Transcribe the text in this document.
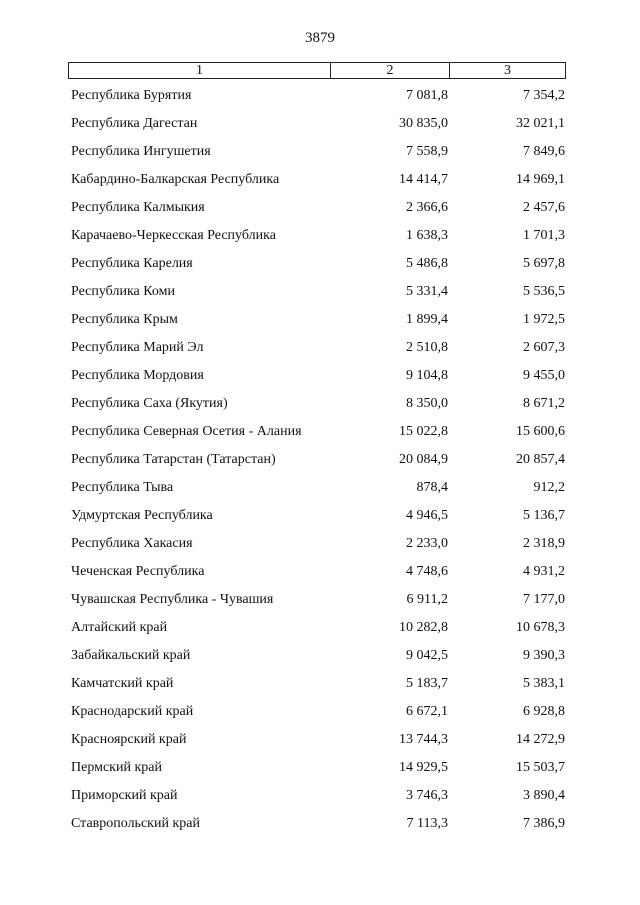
3879
1	2	3
Республика Бурятия	7 081,8	7 354,2
Республика Дагестан	30 835,0	32 021,1
Республика Ингушетия	7 558,9	7 849,6
Кабардино-Балкарская Республика	14 414,7	14 969,1
Республика Калмыкия	2 366,6	2 457,6
Карачаево-Черкесская Республика	1 638,3	1 701,3
Республика Карелия	5 486,8	5 697,8
Республика Коми	5 331,4	5 536,5
Республика Крым	1 899,4	1 972,5
Республика Марий Эл	2 510,8	2 607,3
Республика Мордовия	9 104,8	9 455,0
Республика Саха (Якутия)	8 350,0	8 671,2
Республика Северная Осетия - Алания	15 022,8	15 600,6
Республика Татарстан (Татарстан)	20 084,9	20 857,4
Республика Тыва	878,4	912,2
Удмуртская Республика	4 946,5	5 136,7
Республика Хакасия	2 233,0	2 318,9
Чеченская Республика	4 748,6	4 931,2
Чувашская Республика - Чувашия	6 911,2	7 177,0
Алтайский край	10 282,8	10 678,3
Забайкальский край	9 042,5	9 390,3
Камчатский край	5 183,7	5 383,1
Краснодарский край	6 672,1	6 928,8
Красноярский край	13 744,3	14 272,9
Пермский край	14 929,5	15 503,7
Приморский край	3 746,3	3 890,4
Ставропольский край	7 113,3	7 386,9
